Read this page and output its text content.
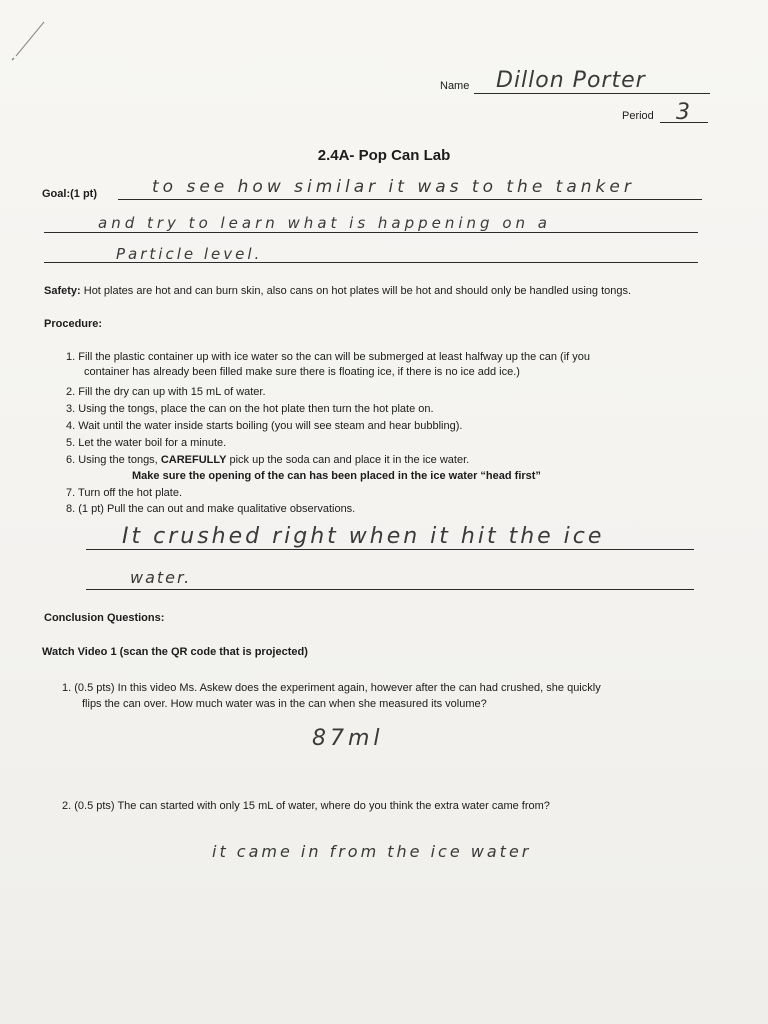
Name Dillon Porter
Period 3
2.4A- Pop Can Lab
Goal:(1 pt)	to see how similar it was to the tanker
and try to learn what is happening on a
Particle level.
Safety: Hot plates are hot and can burn skin, also cans on hot plates will be hot and should only be handled using tongs.
Procedure:
1. Fill the plastic container up with ice water so the can will be submerged at least halfway up the can (if you
container has already been filled make sure there is floating ice, if there is no ice add ice.)
2. Fill the dry can up with 15 mL of water.
3. Using the tongs, place the can on the hot plate then turn the hot plate on.
4. Wait until the water inside starts boiling (you will see steam and hear bubbling).
5. Let the water boil for a minute.
6. Using the tongs, CAREFULLY pick up the soda can and place it in the ice water.
Make sure the opening of the can has been placed in the ice water “head first”
7. Turn off the hot plate.
8. (1 pt) Pull the can out and make qualitative observations.
It crushed right when it hit the ice
water.
Conclusion Questions:
Watch Video 1 (scan the QR code that is projected)
1. (0.5 pts) In this video Ms. Askew does the experiment again, however after the can had crushed, she quickly
flips the can over. How much water was in the can when she measured its volume?
87ml
2. (0.5 pts) The can started with only 15 mL of water, where do you think the extra water came from?
it came in from the ice water
